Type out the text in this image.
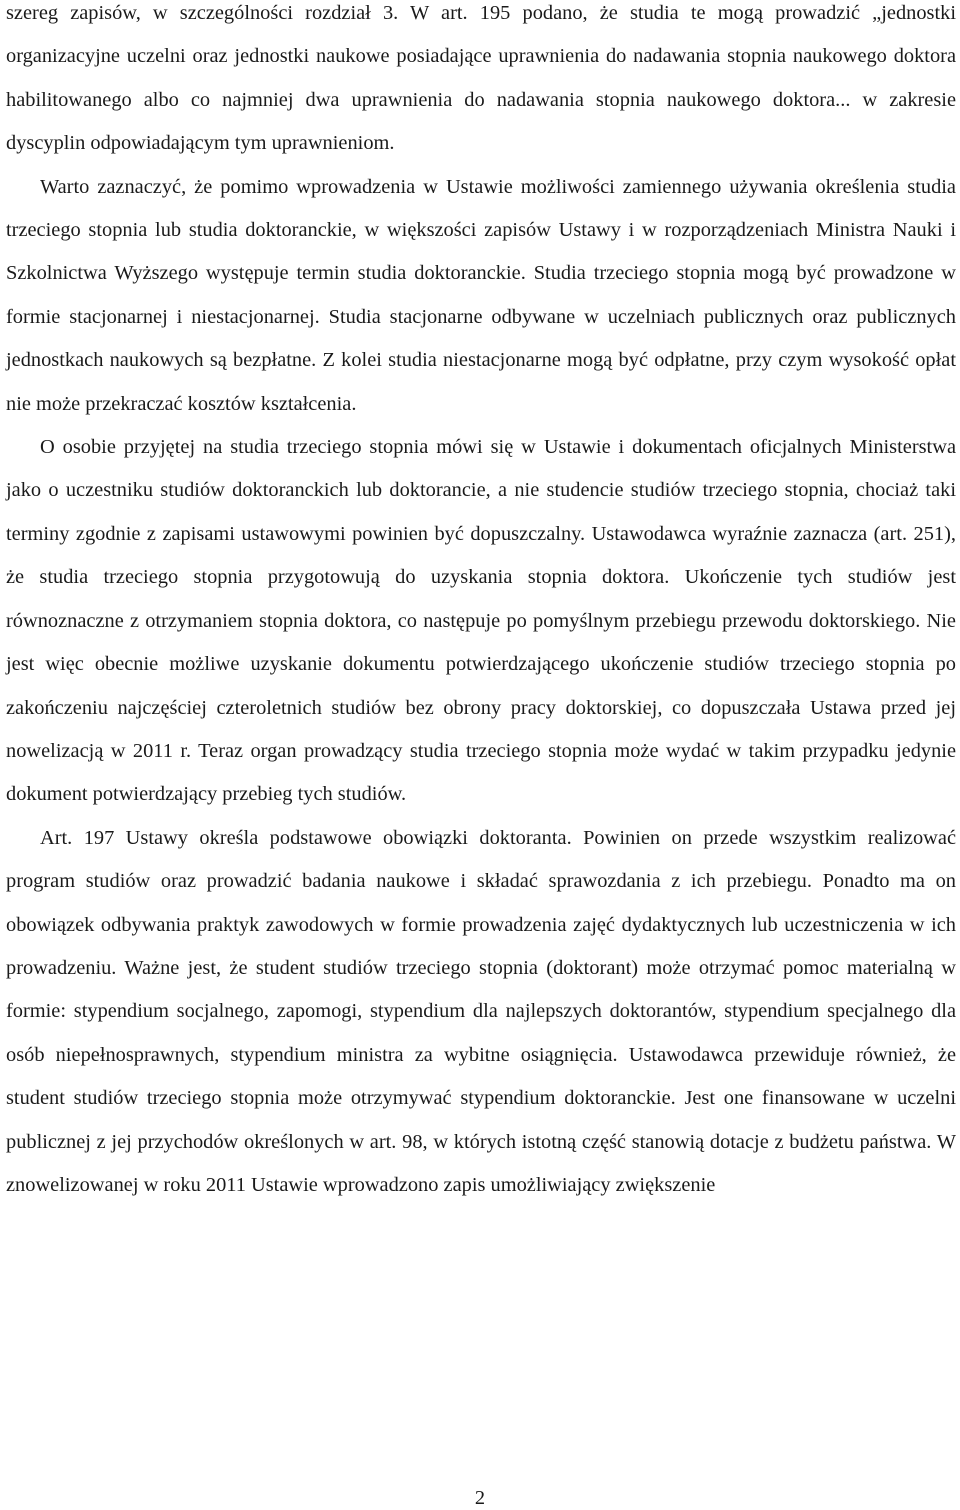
szereg zapisów, w szczególności rozdział 3. W art. 195 podano, że studia te mogą prowadzić „jednostki organizacyjne uczelni oraz jednostki naukowe posiadające uprawnienia do nadawania stopnia naukowego doktora habilitowanego albo co najmniej dwa uprawnienia do nadawania stopnia naukowego doktora... w zakresie dyscyplin odpowiadającym tym uprawnieniom.

Warto zaznaczyć, że pomimo wprowadzenia w Ustawie możliwości zamiennego używania określenia studia trzeciego stopnia lub studia doktoranckie, w większości zapisów Ustawy i w rozporządzeniach Ministra Nauki i Szkolnictwa Wyższego występuje termin studia doktoranckie. Studia trzeciego stopnia mogą być prowadzone w formie stacjonarnej i niestacjonarnej. Studia stacjonarne odbywane w uczelniach publicznych oraz publicznych jednostkach naukowych są bezpłatne. Z kolei studia niestacjonarne mogą być odpłatne, przy czym wysokość opłat nie może przekraczać kosztów kształcenia.

O osobie przyjętej na studia trzeciego stopnia mówi się w Ustawie i dokumentach oficjalnych Ministerstwa jako o uczestniku studiów doktoranckich lub doktorancie, a nie studencie studiów trzeciego stopnia, chociaż taki terminy zgodnie z zapisami ustawowymi powinien być dopuszczalny. Ustawodawca wyraźnie zaznacza (art. 251), że studia trzeciego stopnia przygotowują do uzyskania stopnia doktora. Ukończenie tych studiów jest równoznaczne z otrzymaniem stopnia doktora, co następuje po pomyślnym przebiegu przewodu doktorskiego. Nie jest więc obecnie możliwe uzyskanie dokumentu potwierdzającego ukończenie studiów trzeciego stopnia po zakończeniu najczęściej czteroletnich studiów bez obrony pracy doktorskiej, co dopuszczała Ustawa przed jej nowelizacją w 2011 r. Teraz organ prowadzący studia trzeciego stopnia może wydać w takim przypadku jedynie dokument potwierdzający przebieg tych studiów.

Art. 197 Ustawy określa podstawowe obowiązki doktoranta. Powinien on przede wszystkim realizować program studiów oraz prowadzić badania naukowe i składać sprawozdania z ich przebiegu. Ponadto ma on obowiązek odbywania praktyk zawodowych w formie prowadzenia zajęć dydaktycznych lub uczestniczenia w ich prowadzeniu. Ważne jest, że student studiów trzeciego stopnia (doktorant) może otrzymać pomoc materialną w formie: stypendium socjalnego, zapomogi, stypendium dla najlepszych doktorantów, stypendium specjalnego dla osób niepełnosprawnych, stypendium ministra za wybitne osiągnięcia. Ustawodawca przewiduje również, że student studiów trzeciego stopnia może otrzymywać stypendium doktoranckie. Jest one finansowane w uczelni publicznej z jej przychodów określonych w art. 98, w których istotną część stanowią dotacje z budżetu państwa. W znowelizowanej w roku 2011 Ustawie wprowadzono zapis umożliwiający zwiększenie

2
